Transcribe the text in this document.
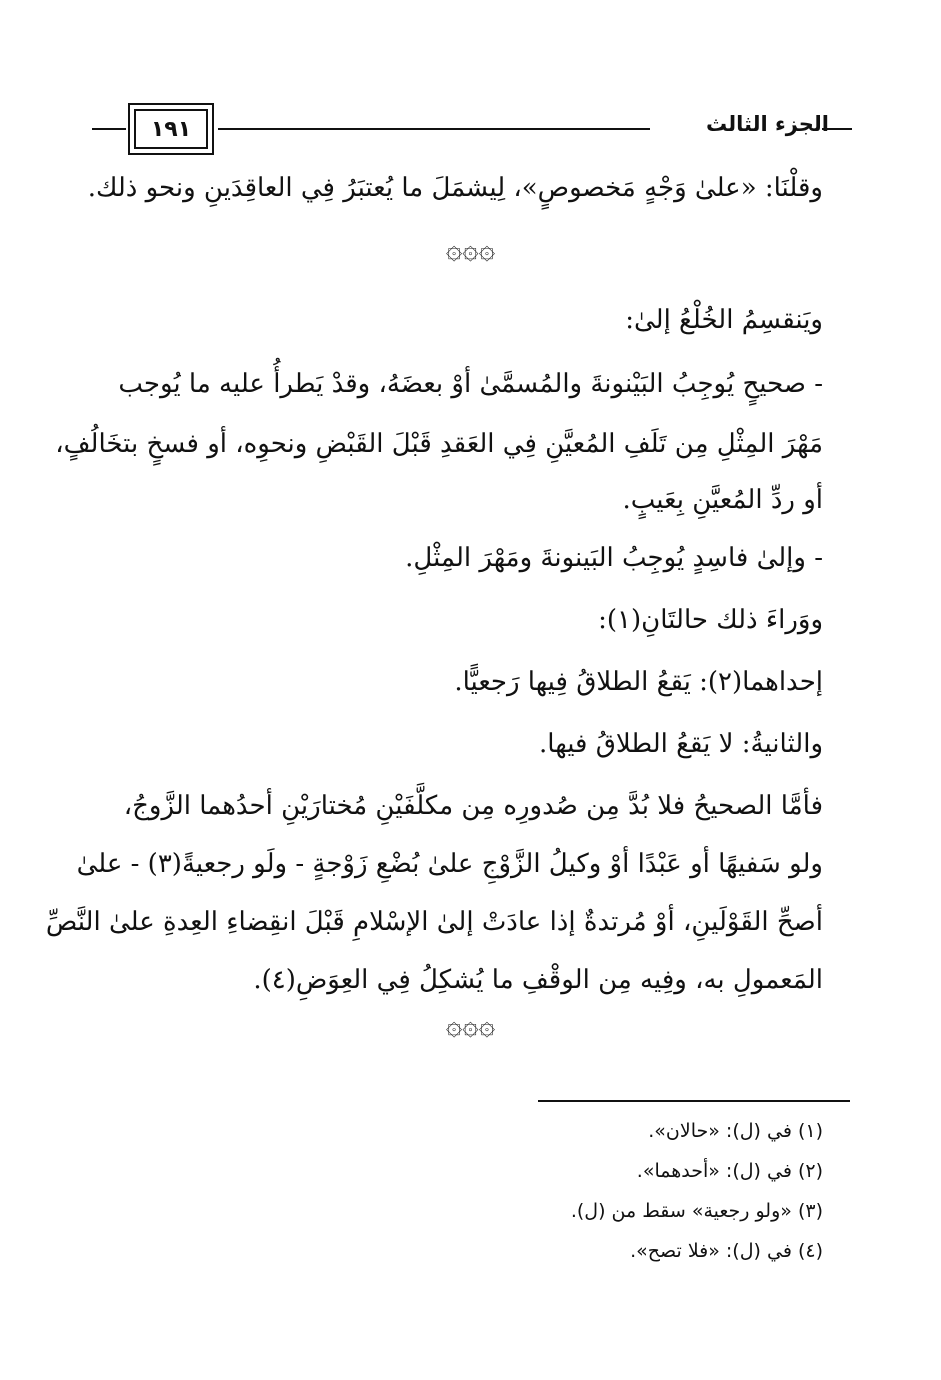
الجزء الثالث
١٩١
وقلْنَا: «علىٰ وَجْهٍ مَخصوصٍ»، لِيشمَلَ ما يُعتبَرُ فِي العاقِدَينِ ونحو ذلك.
۞۞۞
ويَنقسِمُ الخُلْعُ إلىٰ:
- صحيحٍ يُوجِبُ البَيْنونةَ والمُسمَّىٰ أوْ بعضَهُ، وقدْ يَطرأُ عليه ما يُوجب
مَهْرَ المِثْلِ مِن تَلَفِ المُعيَّنِ فِي العَقدِ قَبْلَ القَبْضِ ونحوِه، أو فسخٍ بتخَالُفٍ،
أو ردِّ المُعيَّنِ بِعَيبٍ.
- وإلىٰ فاسِدٍ يُوجِبُ البَينونةَ ومَهْرَ المِثْلِ.
ووَراءَ ذلك حالتَانِ(١):
إحداهما(٢): يَقعُ الطلاقُ فِيها رَجعيًّا.
والثانيةُ: لا يَقعُ الطلاقُ فيها.
فأمَّا الصحيحُ فلا بُدَّ مِن صُدورِه مِن مكلَّفَيْنِ مُختارَيْنِ أحدُهما الزَّوجُ،
ولو سَفيهًا أو عَبْدًا أوْ وكيلُ الزَّوْجِ علىٰ بُضْعِ زَوْجةٍ - ولَو رجعيةً(٣) - علىٰ
أصحِّ القَوْلَينِ، أوْ مُرتدةٌ إذا عادَتْ إلىٰ الإسْلامِ قَبْلَ انقِضاءِ العِدةِ علىٰ النَّصِّ
المَعمولِ به، وفِيه مِن الوقْفِ ما يُشكِلُ فِي العِوَضِ(٤).
۞۞۞
(١) في (ل): «حالان».
(٢) في (ل): «أحدهما».
(٣) «ولو رجعية» سقط من (ل).
(٤) في (ل): «فلا تصح».
